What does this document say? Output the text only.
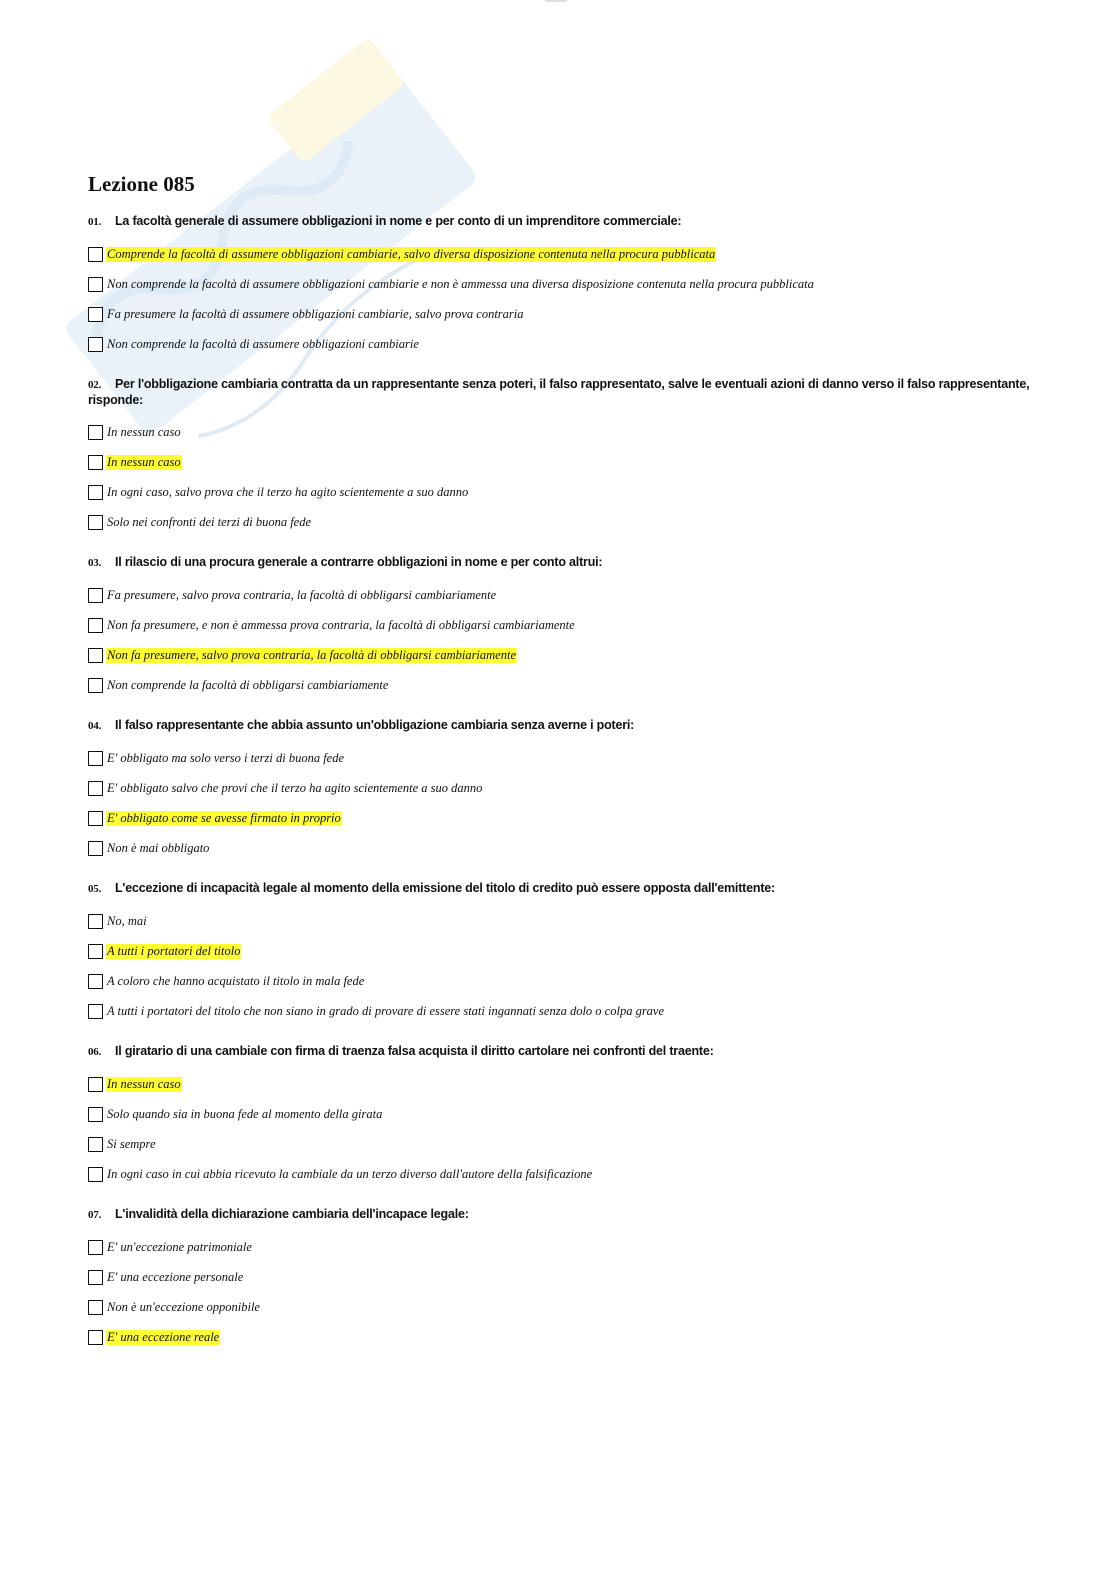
Lezione 085
01. La facoltà generale di assumere obbligazioni in nome e per conto di un imprenditore commerciale:
Comprende la facoltà di assumere obbligazioni cambiarie, salvo diversa disposizione contenuta nella procura pubblicata
Non comprende la facoltà di assumere obbligazioni cambiarie e non è ammessa una diversa disposizione contenuta nella procura pubblicata
Fa presumere la facoltà di assumere obbligazioni cambiarie, salvo prova contraria
Non comprende la facoltà di assumere obbligazioni cambiarie
02. Per l'obbligazione cambiaria contratta da un rappresentante senza poteri, il falso rappresentato, salve le eventuali azioni di danno verso il falso rappresentante, risponde:
In nessun caso
In nessun caso
In ogni caso, salvo prova che il terzo ha agito scientemente a suo danno
Solo nei confronti dei terzi di buona fede
03. Il rilascio di una procura generale a contrarre obbligazioni in nome e per conto altrui:
Fa presumere, salvo prova contraria, la facoltà di obbligarsi cambiariamente
Non fa presumere, e non è ammessa prova contraria, la facoltà di obbligarsi cambiariamente
Non fa presumere, salvo prova contraria, la facoltà di obbligarsi cambiariamente
Non comprende la facoltà di obbligarsi cambiariamente
04. Il falso rappresentante che abbia assunto un'obbligazione cambiaria senza averne i poteri:
E' obbligato ma solo verso i terzi di buona fede
E' obbligato salvo che provi che il terzo ha agito scientemente a suo danno
E' obbligato come se avesse firmato in proprio
Non è mai obbligato
05. L'eccezione di incapacità legale al momento della emissione del titolo di credito può essere opposta dall'emittente:
No, mai
A tutti i portatori del titolo
A coloro che hanno acquistato il titolo in mala fede
A tutti i portatori del titolo che non siano in grado di provare di essere stati ingannati senza dolo o colpa grave
06. Il giratario di una cambiale con firma di traenza falsa acquista il diritto cartolare nei confronti del traente:
In nessun caso
Solo quando sia in buona fede al momento della girata
Si sempre
In ogni caso in cui abbia ricevuto la cambiale da un terzo diverso dall'autore della falsificazione
07. L'invalidità della dichiarazione cambiaria dell'incapace legale:
E' un'eccezione patrimoniale
E' una eccezione personale
Non è un'eccezione opponibile
E' una eccezione reale
